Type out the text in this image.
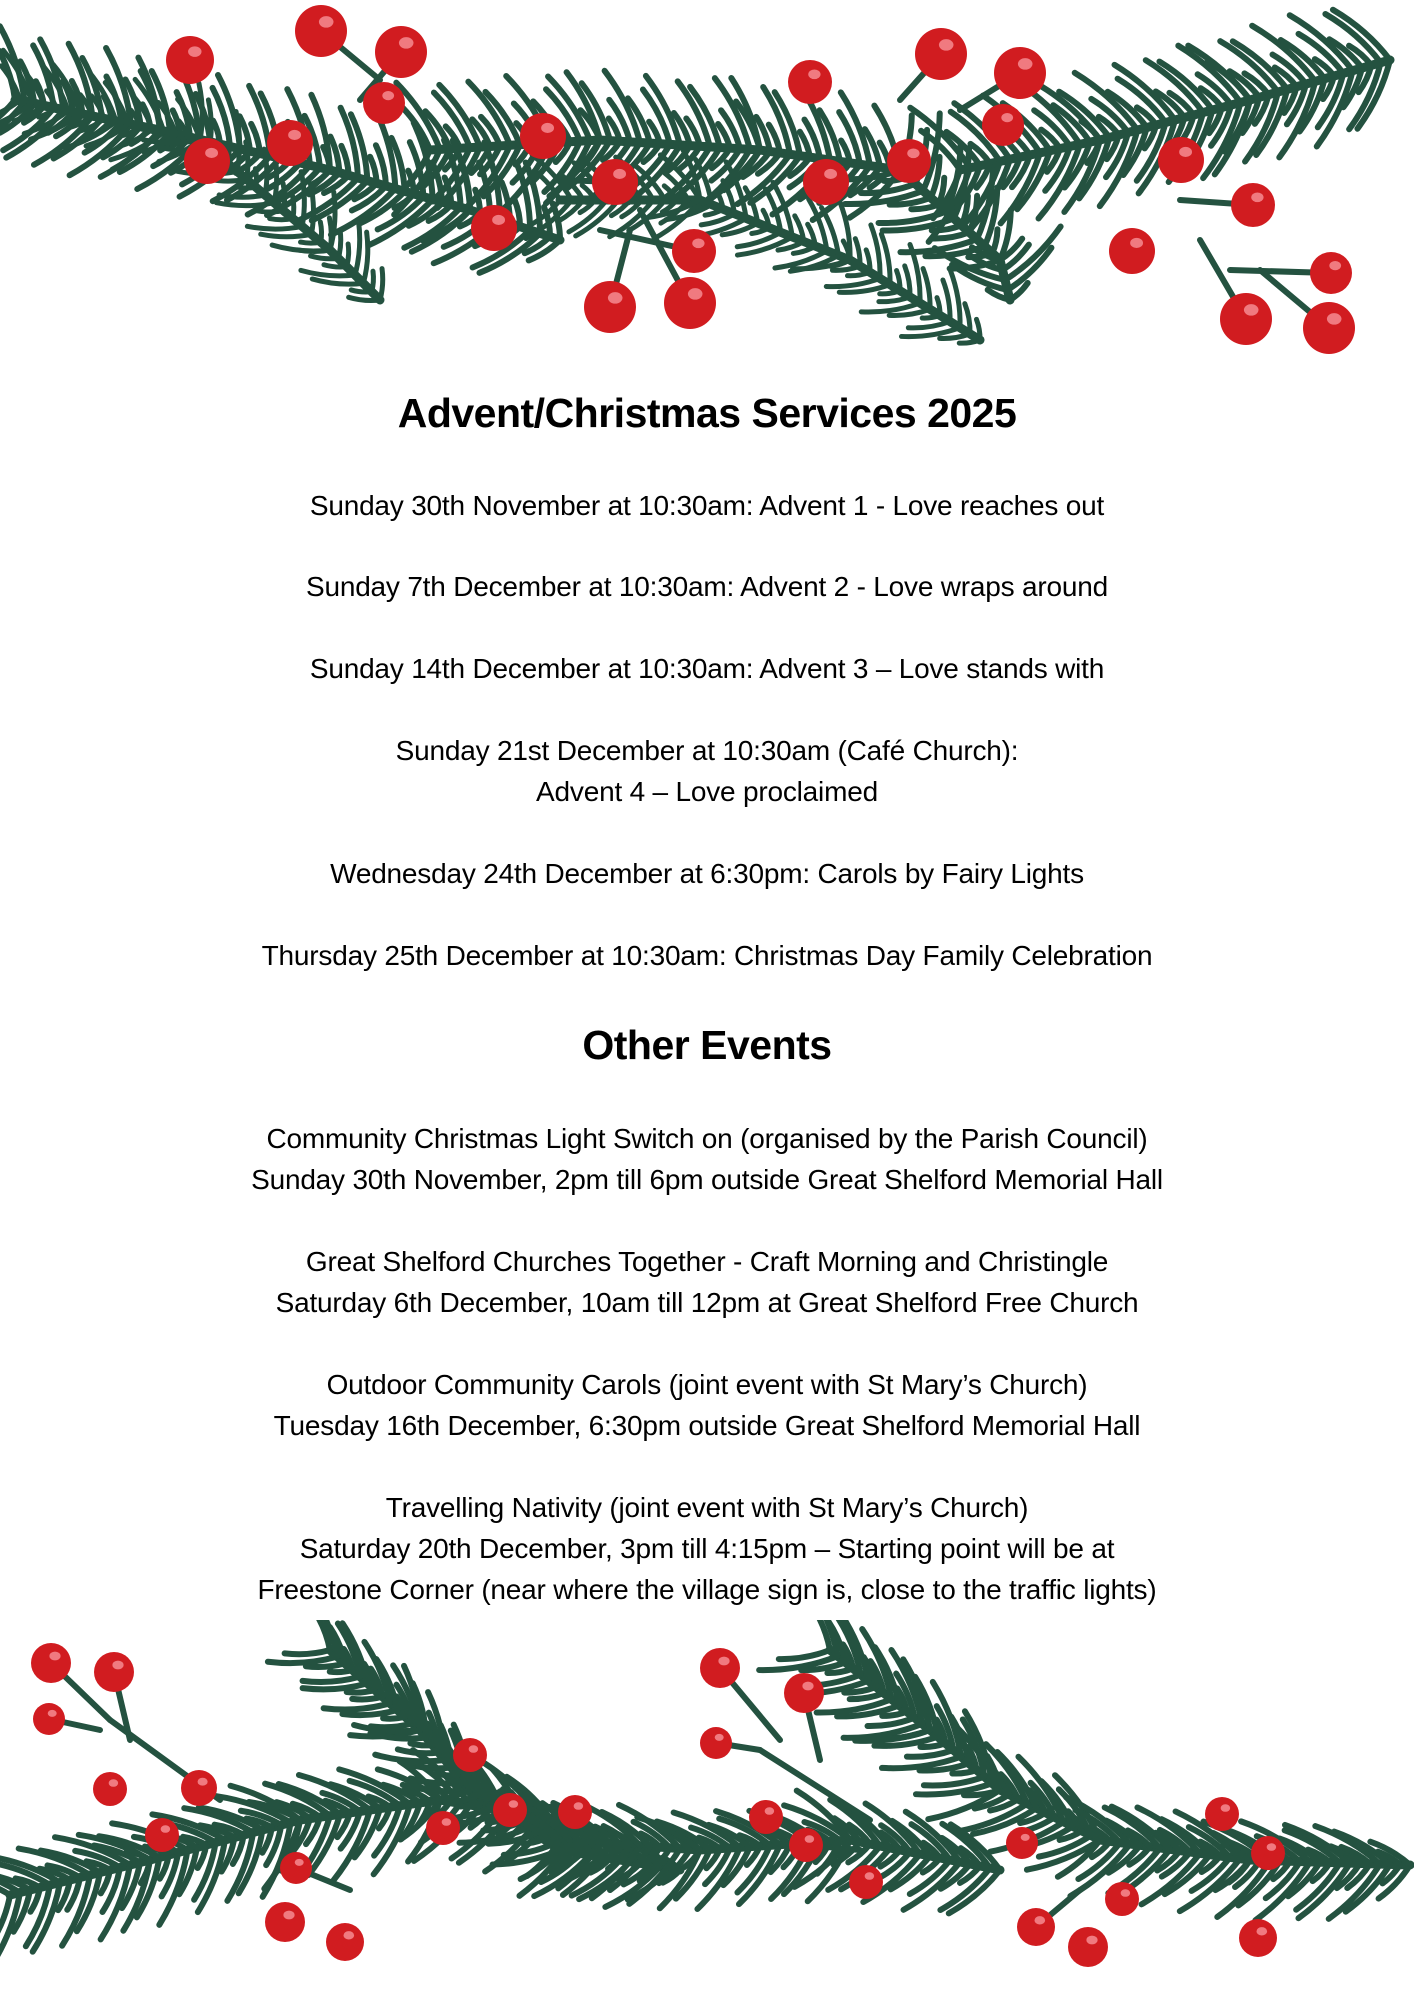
Advent/Christmas Services 2025
Sunday 30th November at 10:30am: Advent 1 - Love reaches out
Sunday 7th December at 10:30am: Advent 2 - Love wraps around
Sunday 14th December at 10:30am: Advent 3 – Love stands with
Sunday 21st December at 10:30am (Café Church):
Advent 4 – Love proclaimed
Wednesday 24th December at 6:30pm: Carols by Fairy Lights
Thursday 25th December at 10:30am: Christmas Day Family Celebration
Other Events
Community Christmas Light Switch on (organised by the Parish Council)
Sunday 30th November, 2pm till 6pm outside Great Shelford Memorial Hall
Great Shelford Churches Together - Craft Morning and Christingle
Saturday 6th December, 10am till 12pm at Great Shelford Free Church
Outdoor Community Carols (joint event with St Mary’s Church)
Tuesday 16th December, 6:30pm outside Great Shelford Memorial Hall
Travelling Nativity (joint event with St Mary’s Church)
Saturday 20th December, 3pm till 4:15pm – Starting point will be at
Freestone Corner (near where the village sign is, close to the traffic lights)
